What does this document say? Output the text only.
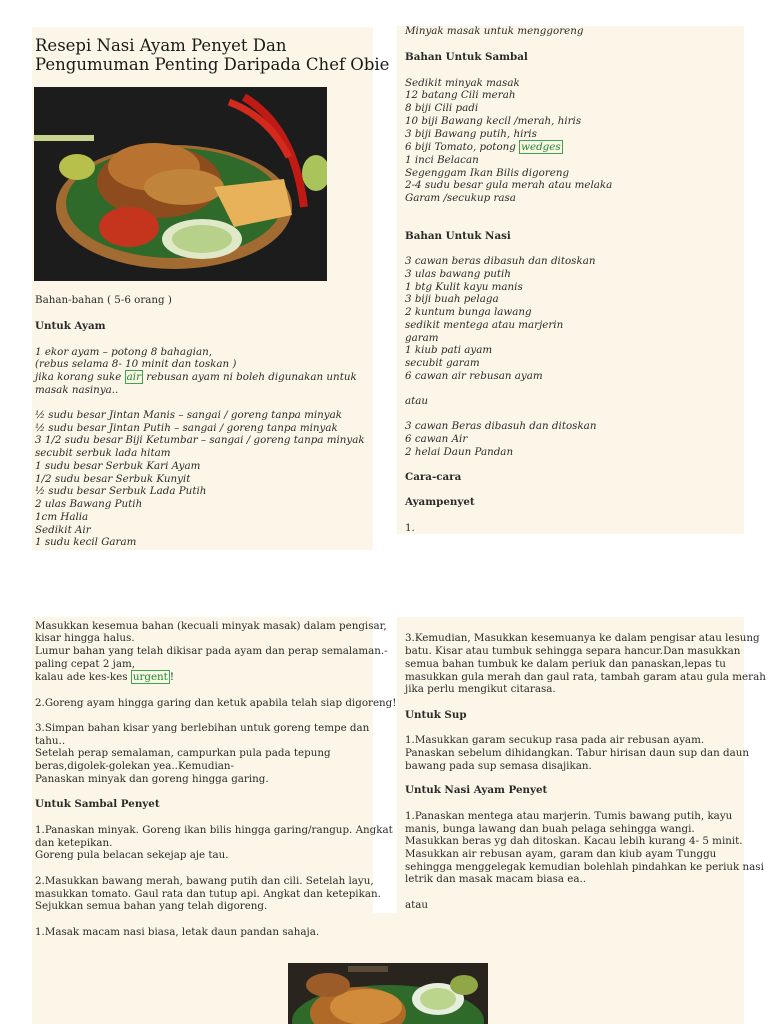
Resepi Nasi Ayam Penyet Dan
Pengumuman Penting Daripada Chef Obie
Bahan-bahan ( 5-6 orang )
Untuk Ayam
1 ekor ayam – potong 8 bahagian,
(rebus selama 8- 10 minit dan toskan )
jika korang suke air rebusan ayam ni boleh digunakan untuk
masak nasinya..
½ sudu besar Jintan Manis – sangai / goreng tanpa minyak
½ sudu besar Jintan Putih – sangai / goreng tanpa minyak
3 1/2 sudu besar Biji Ketumbar – sangai / goreng tanpa minyak
secubit serbuk lada hitam
1 sudu besar Serbuk Kari Ayam
1/2 sudu besar Serbuk Kunyit
½ sudu besar Serbuk Lada Putih
2 ulas Bawang Putih
1cm Halia
Sedikit Air
1 sudu kecil Garam
Minyak masak untuk menggoreng
Bahan Untuk Sambal
Sedikit minyak masak
12 batang Cili merah
8 biji Cili padi
10 biji Bawang kecil /merah, hiris
3 biji Bawang putih, hiris
6 biji Tomato, potong wedges
1 inci Belacan
Segenggam Ikan Bilis digoreng
2-4 sudu besar gula merah atau melaka
Garam /secukup rasa
Bahan Untuk Nasi
3 cawan beras dibasuh dan ditoskan
3 ulas bawang putih
1 btg Kulit kayu manis
3 biji buah pelaga
2 kuntum bunga lawang
sedikit mentega atau marjerin
garam
1 kiub pati ayam
secubit garam
6 cawan air rebusan ayam
atau
3 cawan Beras dibasuh dan ditoskan
6 cawan Air
2 helai Daun Pandan
Cara-cara
Ayampenyet
1.
Masukkan kesemua bahan (kecuali minyak masak) dalam pengisar,
kisar hingga halus.
Lumur bahan yang telah dikisar pada ayam dan perap semalaman.-
paling cepat 2 jam,
kalau ade kes-kes urgent !
2.Goreng ayam hingga garing dan ketuk apabila telah siap digoreng!
3.Simpan bahan kisar yang berlebihan untuk goreng tempe dan
tahu..
Setelah perap semalaman, campurkan pula pada tepung
beras,digolek-golekan yea..Kemudian-
Panaskan minyak dan goreng hingga garing.
Untuk Sambal Penyet
1.Panaskan minyak. Goreng ikan bilis hingga garing/rangup. Angkat
dan ketepikan.
Goreng pula belacan sekejap aje tau.
2.Masukkan bawang merah, bawang putih dan cili. Setelah layu,
masukkan tomato. Gaul rata dan tutup api. Angkat dan ketepikan.
Sejukkan semua bahan yang telah digoreng.
1.Masak macam nasi biasa, letak daun pandan sahaja.
3.Kemudian, Masukkan kesemuanya ke dalam pengisar atau lesung
batu. Kisar atau tumbuk sehingga separa hancur.Dan masukkan
semua bahan tumbuk ke dalam periuk dan panaskan,lepas tu
masukkan gula merah dan gaul rata, tambah garam atau gula merah
jika perlu mengikut citarasa.
Untuk Sup
1.Masukkan garam secukup rasa pada air rebusan ayam.
Panaskan sebelum dihidangkan. Tabur hirisan daun sup dan daun
bawang pada sup semasa disajikan.
Untuk Nasi Ayam Penyet
1.Panaskan mentega atau marjerin. Tumis bawang putih, kayu
manis, bunga lawang dan buah pelaga sehingga wangi.
Masukkan beras yg dah ditoskan. Kacau lebih kurang 4- 5 minit.
Masukkan air rebusan ayam, garam dan kiub ayam Tunggu
sehingga menggelegak kemudian bolehlah pindahkan ke periuk nasi
letrik dan masak macam biasa ea..
atau
